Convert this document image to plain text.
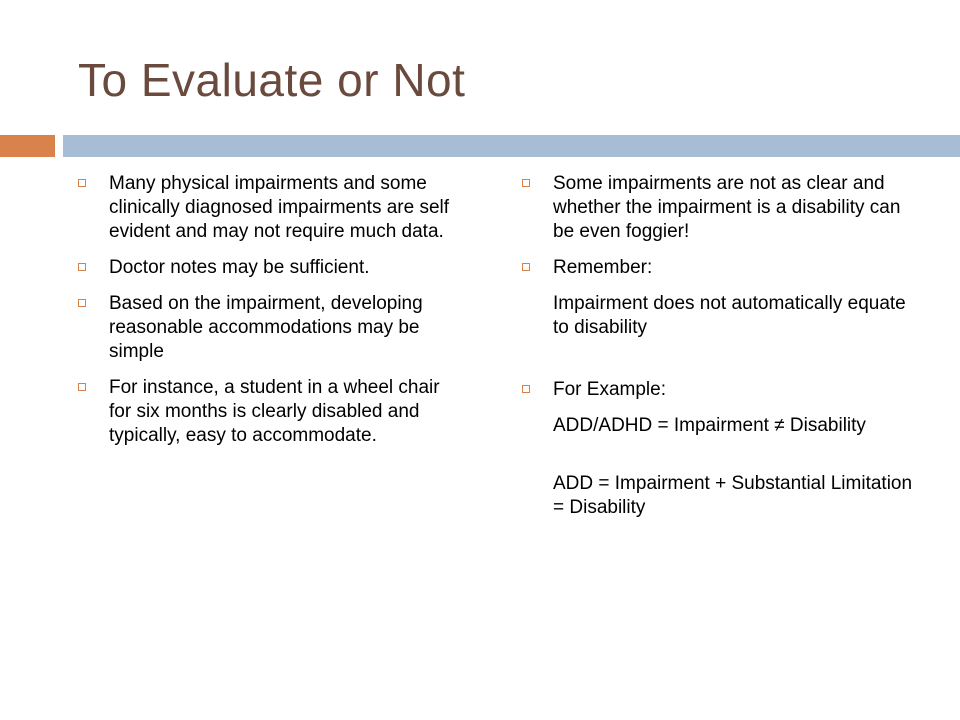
To Evaluate or Not
Many physical impairments and some clinically diagnosed impairments are self evident and may not require much data.
Doctor notes may be sufficient.
Based on the impairment, developing reasonable accommodations may be simple
For instance, a student in a wheel chair for six months is clearly disabled and typically, easy to accommodate.
Some impairments are not as clear and whether the impairment is a disability can be even foggier!
Remember:
Impairment does not automatically equate to disability
For Example:
ADD/ADHD = Impairment ≠ Disability
ADD = Impairment + Substantial Limitation = Disability
